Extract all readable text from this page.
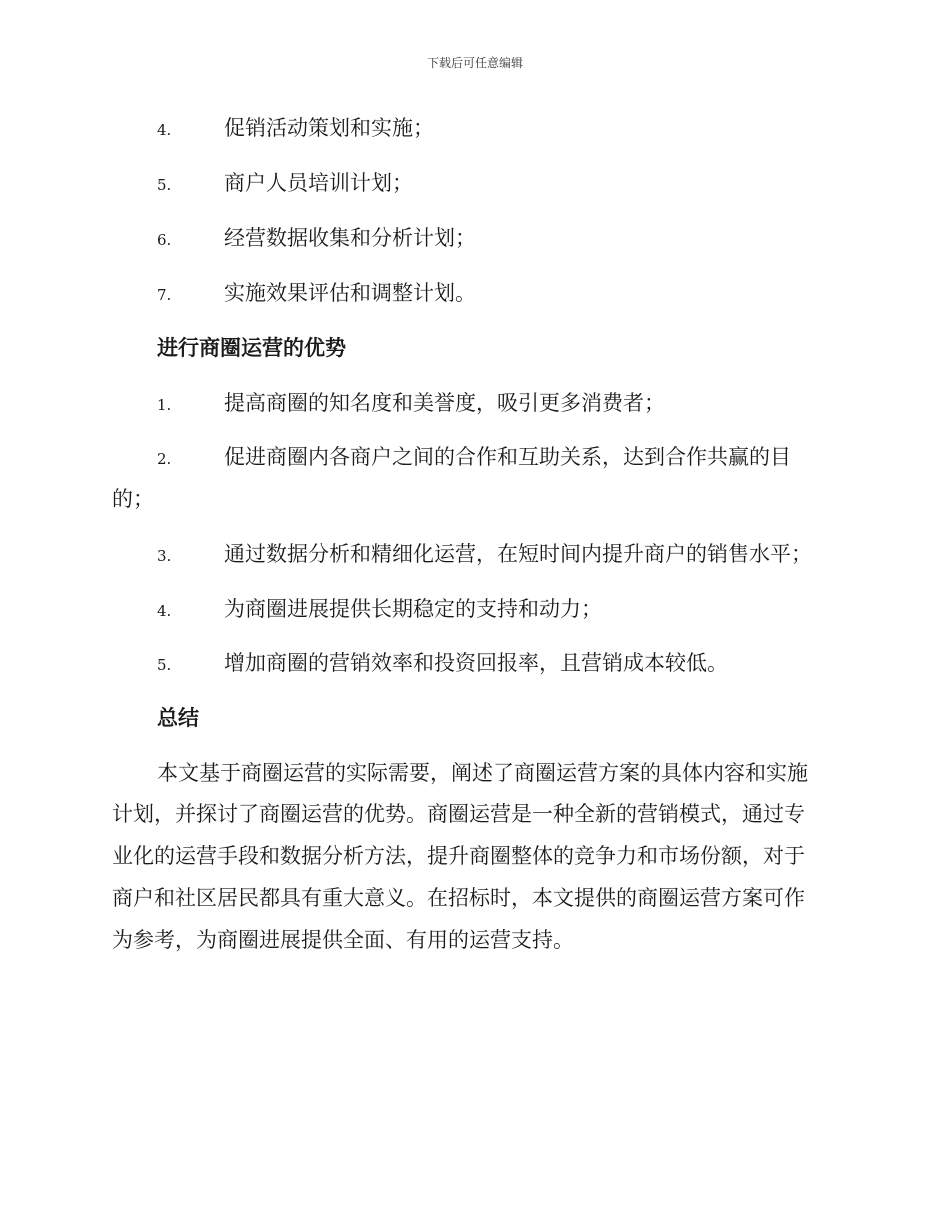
下载后可任意编辑
4.	促销活动策划和实施；
5.	商户人员培训计划；
6.	经营数据收集和分析计划；
7.	实施效果评估和调整计划。
进行商圈运营的优势
1.	提高商圈的知名度和美誉度，吸引更多消费者；
2.	促进商圈内各商户之间的合作和互助关系，达到合作共赢的目
的；
3.	通过数据分析和精细化运营，在短时间内提升商户的销售水平；
4.	为商圈进展提供长期稳定的支持和动力；
5.	增加商圈的营销效率和投资回报率，且营销成本较低。
总结
本文基于商圈运营的实际需要，阐述了商圈运营方案的具体内容和实施
计划，并探讨了商圈运营的优势。商圈运营是一种全新的营销模式，通过专
业化的运营手段和数据分析方法，提升商圈整体的竞争力和市场份额，对于
商户和社区居民都具有重大意义。在招标时，本文提供的商圈运营方案可作
为参考，为商圈进展提供全面、有用的运营支持。
